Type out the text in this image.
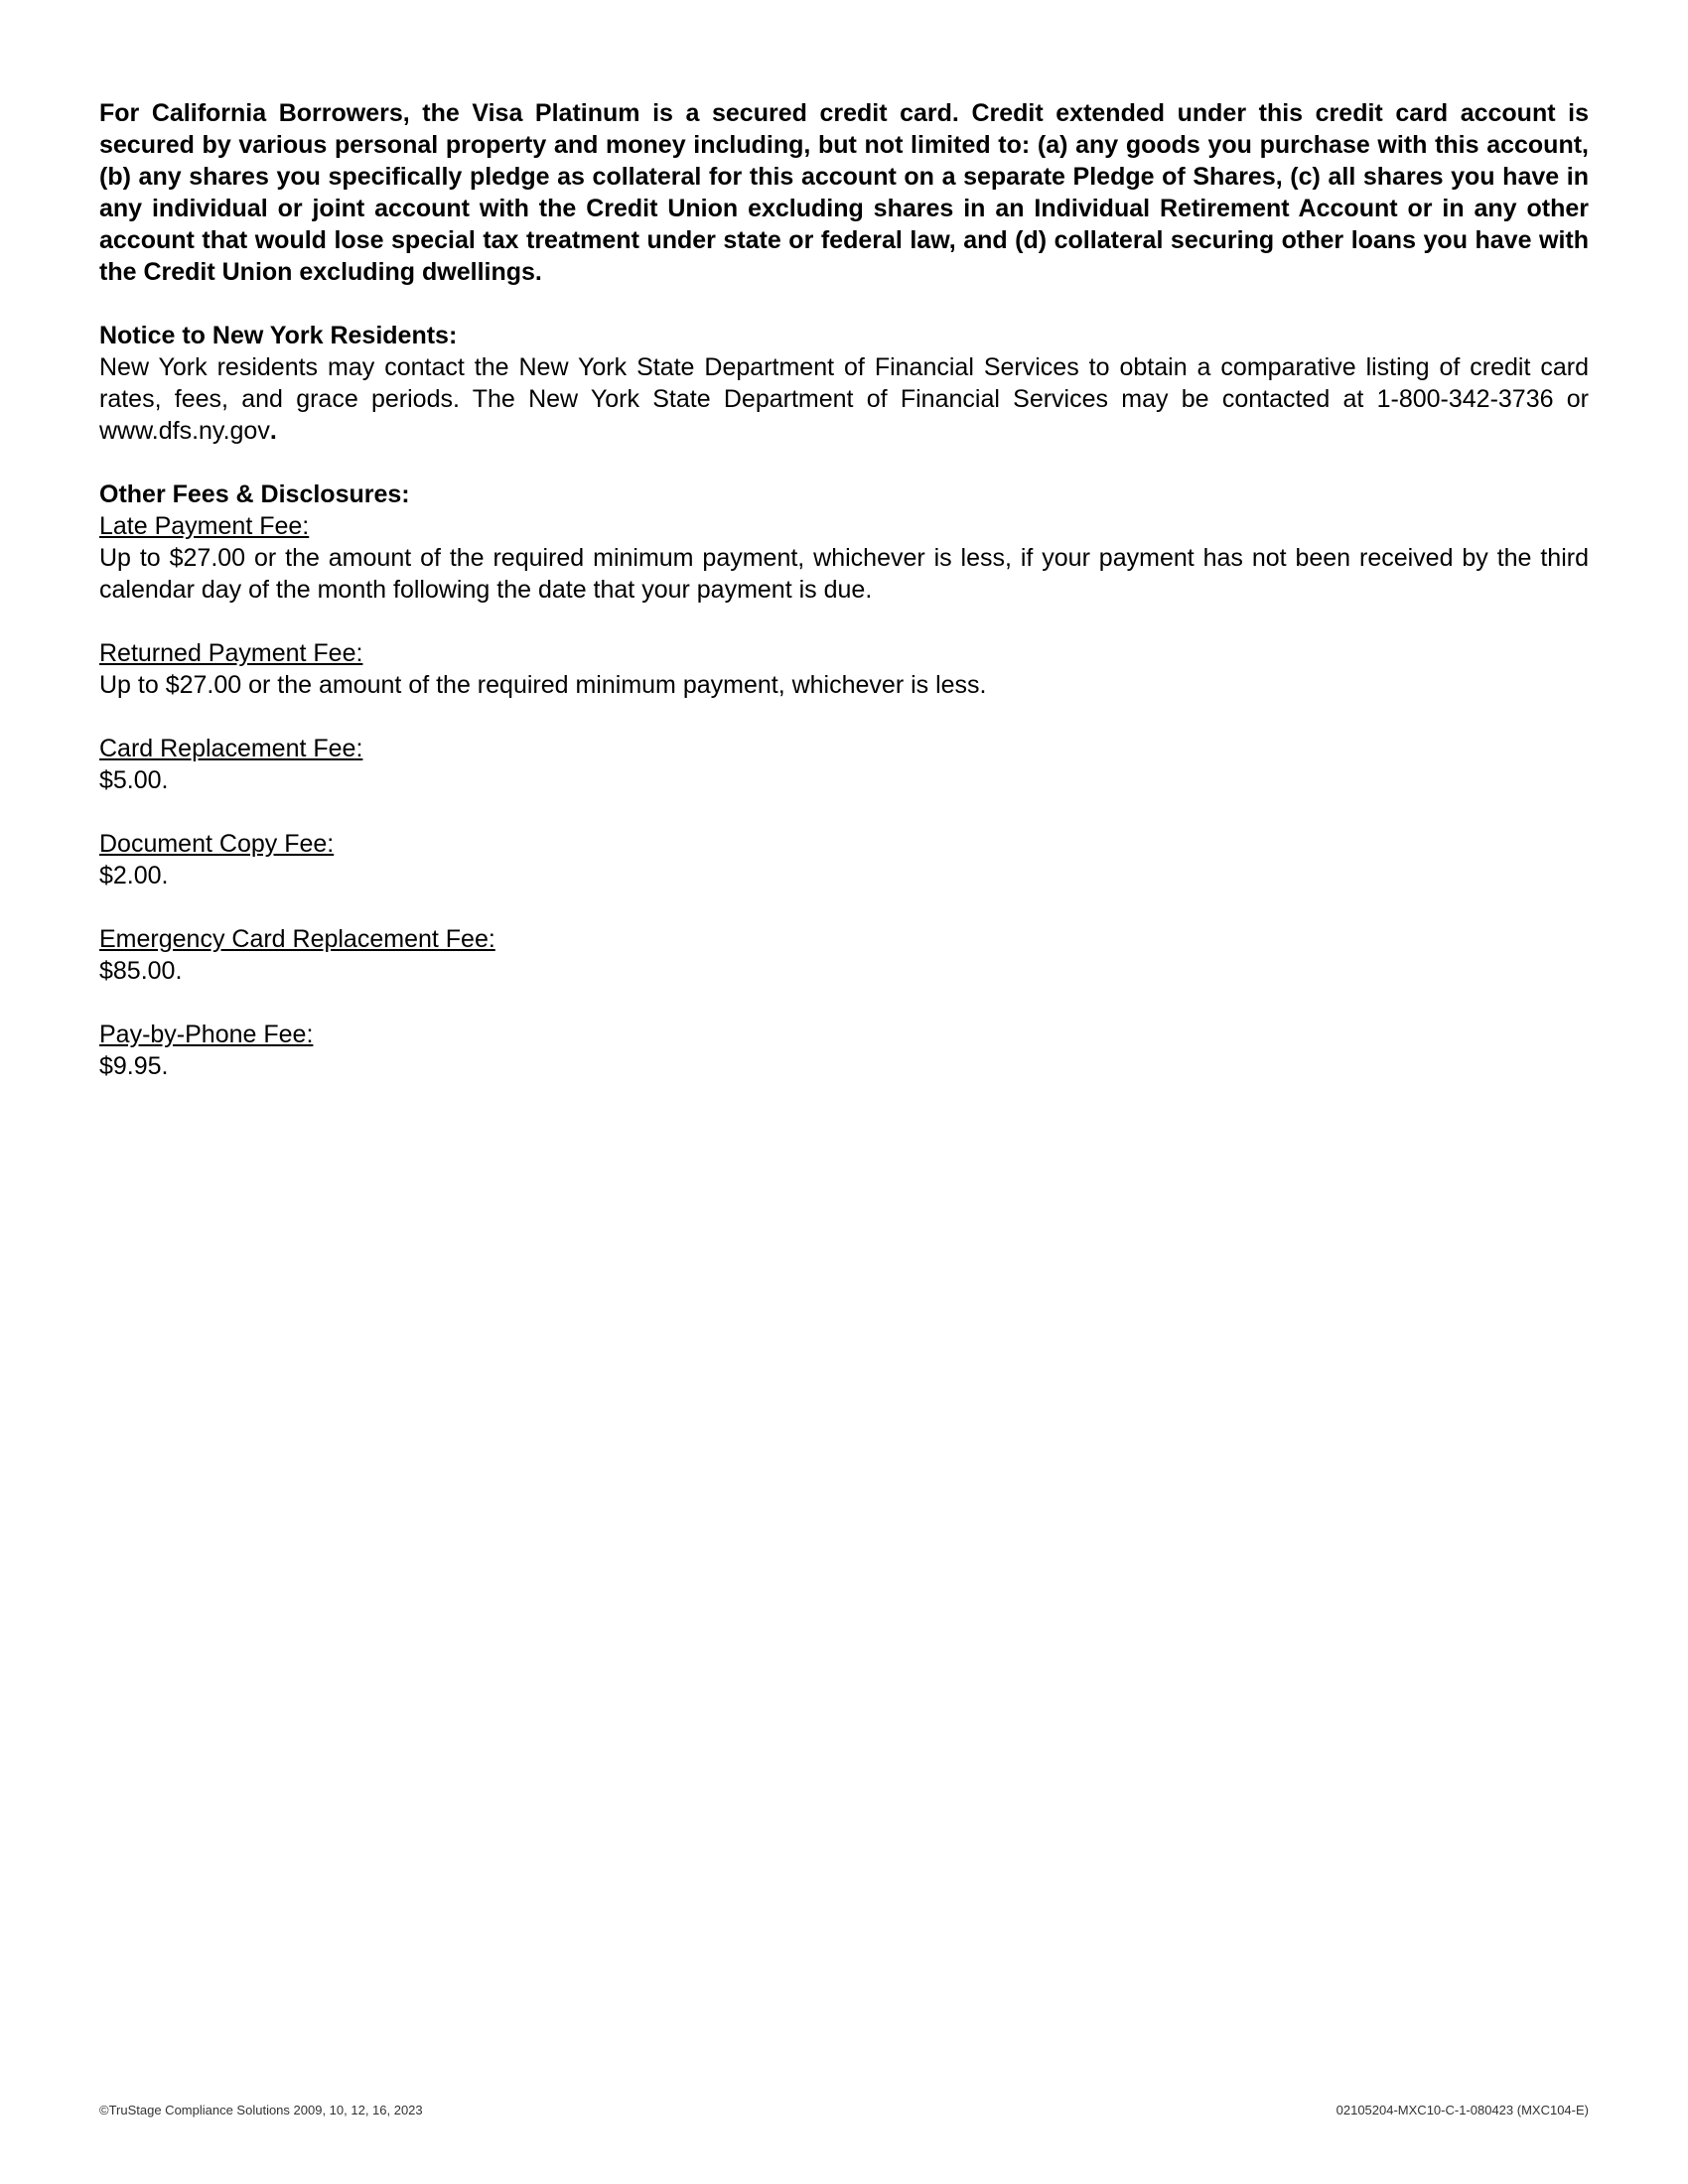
For California Borrowers, the Visa Platinum is a secured credit card. Credit extended under this credit card account is secured by various personal property and money including, but not limited to: (a) any goods you purchase with this account, (b) any shares you specifically pledge as collateral for this account on a separate Pledge of Shares, (c) all shares you have in any individual or joint account with the Credit Union excluding shares in an Individual Retirement Account or in any other account that would lose special tax treatment under state or federal law, and (d) collateral securing other loans you have with the Credit Union excluding dwellings.

Notice to New York Residents:

New York residents may contact the New York State Department of Financial Services to obtain a comparative listing of credit card rates, fees, and grace periods. The New York State Department of Financial Services may be contacted at 1-800-342-3736 or www.dfs.ny.gov.

Other Fees & Disclosures:

Late Payment Fee:
Up to $27.00 or the amount of the required minimum payment, whichever is less, if your payment has not been received by the third calendar day of the month following the date that your payment is due.
Returned Payment Fee:
Up to $27.00 or the amount of the required minimum payment, whichever is less.
Card Replacement Fee:
$5.00.
Document Copy Fee:
$2.00.
Emergency Card Replacement Fee:
$85.00.
Pay-by-Phone Fee:
$9.95.
©TruStage Compliance Solutions 2009, 10, 12, 16, 2023	02105204-MXC10-C-1-080423 (MXC104-E)
